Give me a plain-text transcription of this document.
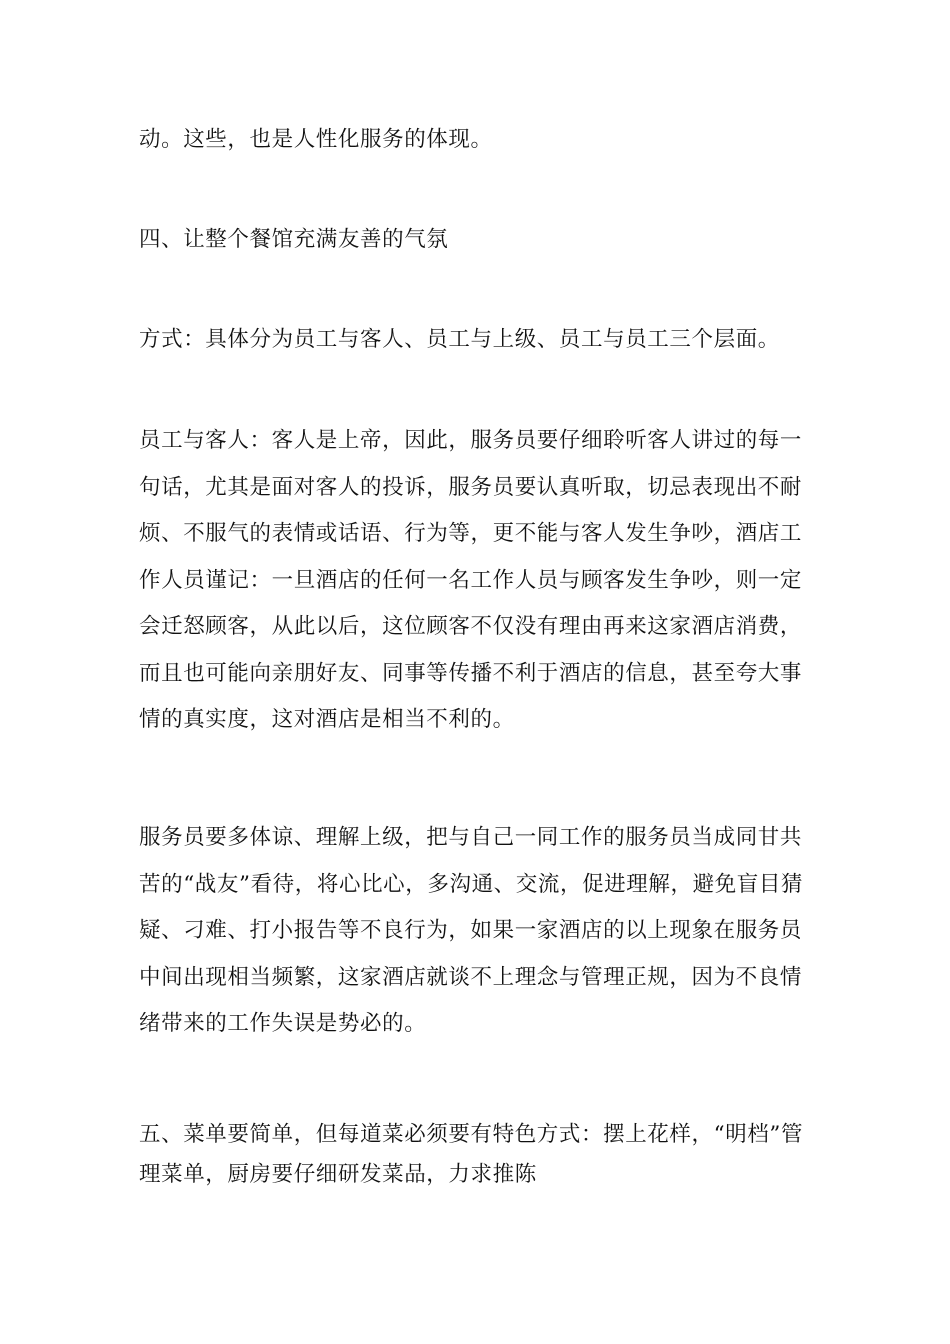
动。这些，也是人性化服务的体现。

四、让整个餐馆充满友善的气氛

方式：具体分为员工与客人、员工与上级、员工与员工三个层面。

员工与客人：客人是上帝，因此，服务员要仔细聆听客人讲过的每一
句话，尤其是面对客人的投诉，服务员要认真听取，切忌表现出不耐
烦、不服气的表情或话语、行为等，更不能与客人发生争吵，酒店工
作人员谨记：一旦酒店的任何一名工作人员与顾客发生争吵，则一定
会迁怒顾客，从此以后，这位顾客不仅没有理由再来这家酒店消费，
而且也可能向亲朋好友、同事等传播不利于酒店的信息，甚至夸大事
情的真实度，这对酒店是相当不利的。

服务员要多体谅、理解上级，把与自己一同工作的服务员当成同甘共
苦的“战友”看待，将心比心，多沟通、交流，促进理解，避免盲目猜
疑、刁难、打小报告等不良行为，如果一家酒店的以上现象在服务员
中间出现相当频繁，这家酒店就谈不上理念与管理正规，因为不良情
绪带来的工作失误是势必的。

五、菜单要简单，但每道菜必须要有特色方式：摆上花样，“明档”管
理菜单，厨房要仔细研发菜品，力求推陈
